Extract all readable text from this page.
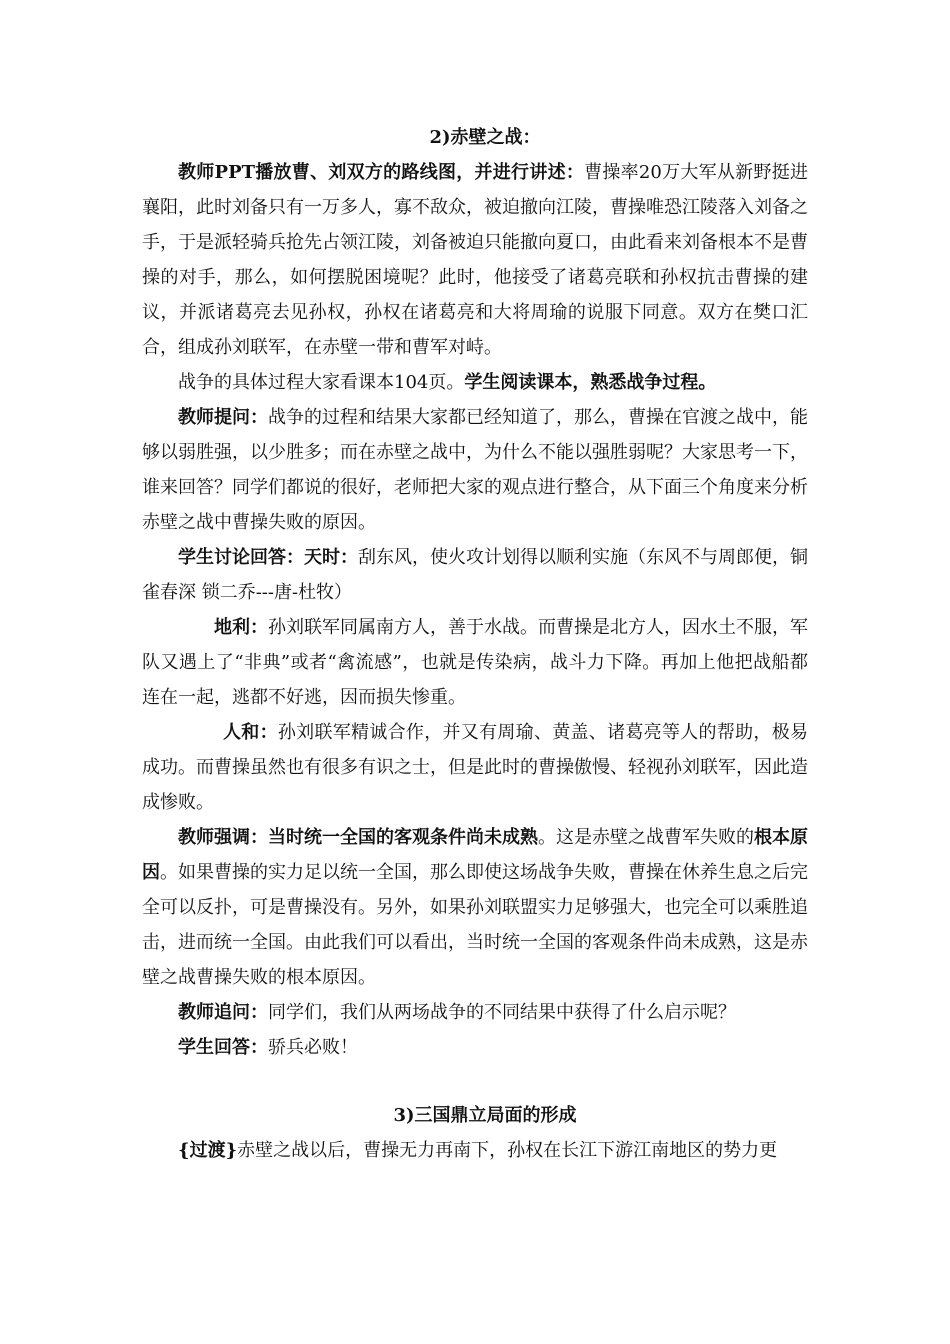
2)赤壁之战：

教师PPT播放曹、刘双方的路线图，并进行讲述：曹操率20万大军从新野挺进襄阳，此时刘备只有一万多人，寡不敌众，被迫撤向江陵，曹操唯恐江陵落入刘备之手，于是派轻骑兵抢先占领江陵，刘备被迫只能撤向夏口，由此看来刘备根本不是曹操的对手，那么，如何摆脱困境呢？此时，他接受了诸葛亮联和孙权抗击曹操的建议，并派诸葛亮去见孙权，孙权在诸葛亮和大将周瑜的说服下同意。双方在樊口汇合，组成孙刘联军，在赤壁一带和曹军对峙。

战争的具体过程大家看课本104页。学生阅读课本，熟悉战争过程。

教师提问：战争的过程和结果大家都已经知道了，那么，曹操在官渡之战中，能够以弱胜强，以少胜多；而在赤壁之战中，为什么不能以强胜弱呢？大家思考一下，谁来回答？同学们都说的很好，老师把大家的观点进行整合，从下面三个角度来分析赤壁之战中曹操失败的原因。

学生讨论回答：天时：刮东风，使火攻计划得以顺利实施（东风不与周郎便，铜雀春深 锁二乔---唐-杜牧）

地利：孙刘联军同属南方人，善于水战。而曹操是北方人，因水土不服，军队又遇上了“非典”或者“禽流感”，也就是传染病，战斗力下降。再加上他把战船都连在一起，逃都不好逃，因而损失惨重。

人和：孙刘联军精诚合作，并又有周瑜、黄盖、诸葛亮等人的帮助，极易成功。而曹操虽然也有很多有识之士，但是此时的曹操傲慢、轻视孙刘联军，因此造成惨败。

教师强调：当时统一全国的客观条件尚未成熟。这是赤壁之战曹军失败的根本原因。如果曹操的实力足以统一全国，那么即使这场战争失败，曹操在休养生息之后完全可以反扑，可是曹操没有。另外，如果孙刘联盟实力足够强大，也完全可以乘胜追击，进而统一全国。由此我们可以看出，当时统一全国的客观条件尚未成熟，这是赤壁之战曹操失败的根本原因。

教师追问：同学们，我们从两场战争的不同结果中获得了什么启示呢？

学生回答：骄兵必败！

3)三国鼎立局面的形成

{过渡}赤壁之战以后，曹操无力再南下，孙权在长江下游江南地区的势力更
